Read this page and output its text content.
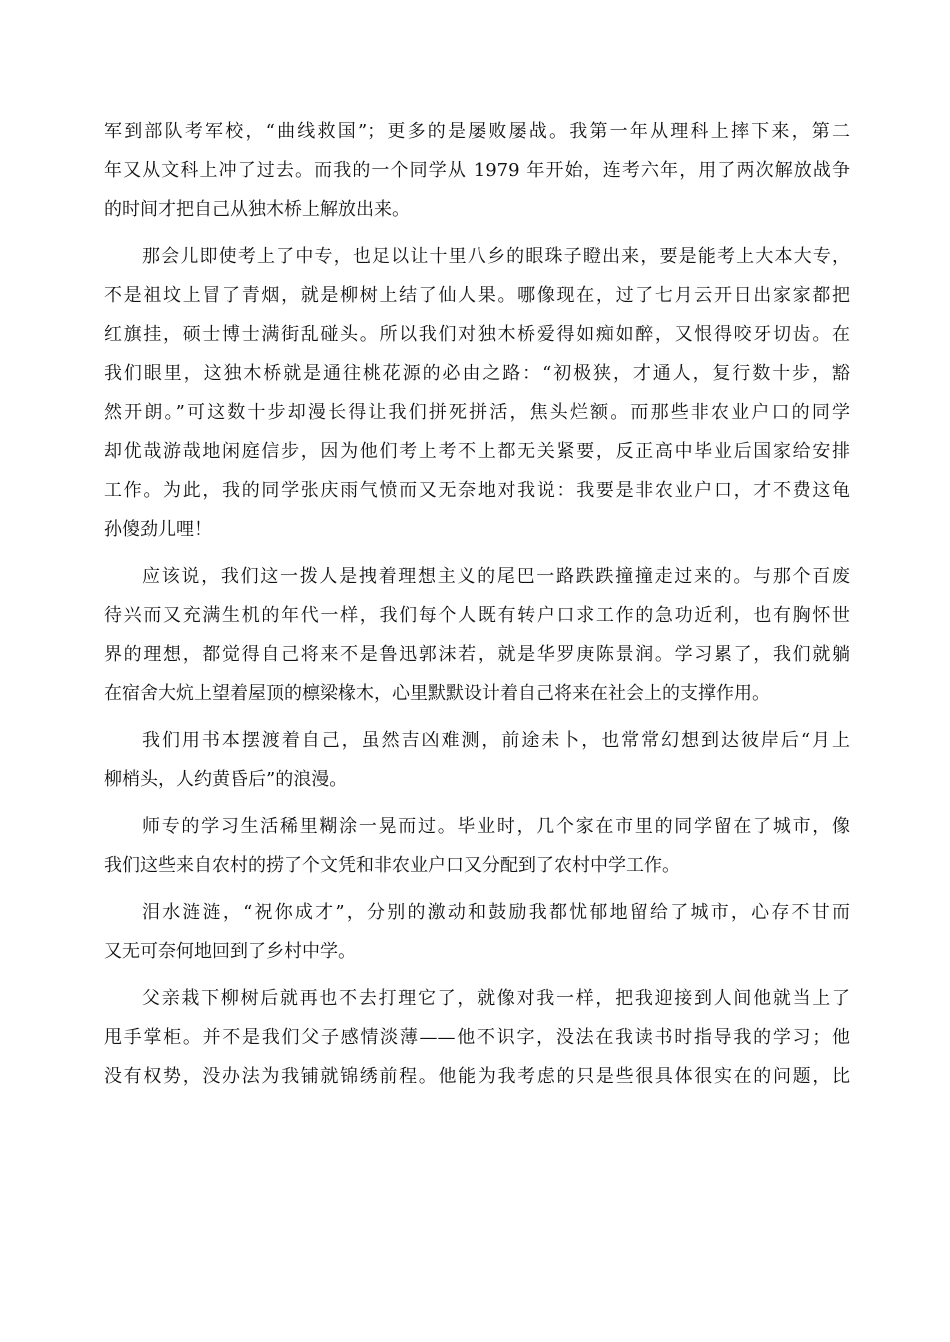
军到部队考军校，“曲线救国”；更多的是屡败屡战。我第一年从理科上摔下来，第二
年又从文科上冲了过去。而我的一个同学从 1979 年开始，连考六年，用了两次解放战争
的时间才把自己从独木桥上解放出来。
那会儿即使考上了中专，也足以让十里八乡的眼珠子瞪出来，要是能考上大本大专，
不是祖坟上冒了青烟，就是柳树上结了仙人果。哪像现在，过了七月云开日出家家都把
红旗挂，硕士博士满街乱碰头。所以我们对独木桥爱得如痴如醉，又恨得咬牙切齿。在
我们眼里，这独木桥就是通往桃花源的必由之路：“初极狭，才通人，复行数十步，豁
然开朗。”可这数十步却漫长得让我们拼死拼活，焦头烂额。而那些非农业户口的同学
却优哉游哉地闲庭信步，因为他们考上考不上都无关紧要，反正高中毕业后国家给安排
工作。为此，我的同学张庆雨气愤而又无奈地对我说：我要是非农业户口，才不费这龟
孙傻劲儿哩！
应该说，我们这一拨人是拽着理想主义的尾巴一路跌跌撞撞走过来的。与那个百废
待兴而又充满生机的年代一样，我们每个人既有转户口求工作的急功近利，也有胸怀世
界的理想，都觉得自己将来不是鲁迅郭沫若，就是华罗庚陈景润。学习累了，我们就躺
在宿舍大炕上望着屋顶的檩梁椽木，心里默默设计着自己将来在社会上的支撑作用。
我们用书本摆渡着自己，虽然吉凶难测，前途未卜，也常常幻想到达彼岸后“月上
柳梢头，人约黄昏后”的浪漫。
师专的学习生活稀里糊涂一晃而过。毕业时，几个家在市里的同学留在了城市，像
我们这些来自农村的捞了个文凭和非农业户口又分配到了农村中学工作。
泪水涟涟，“祝你成才”，分别的激动和鼓励我都忧郁地留给了城市，心存不甘而
又无可奈何地回到了乡村中学。
父亲栽下柳树后就再也不去打理它了，就像对我一样，把我迎接到人间他就当上了
甩手掌柜。并不是我们父子感情淡薄——他不识字，没法在我读书时指导我的学习；他
没有权势，没办法为我铺就锦绣前程。他能为我考虑的只是些很具体很实在的问题，比
